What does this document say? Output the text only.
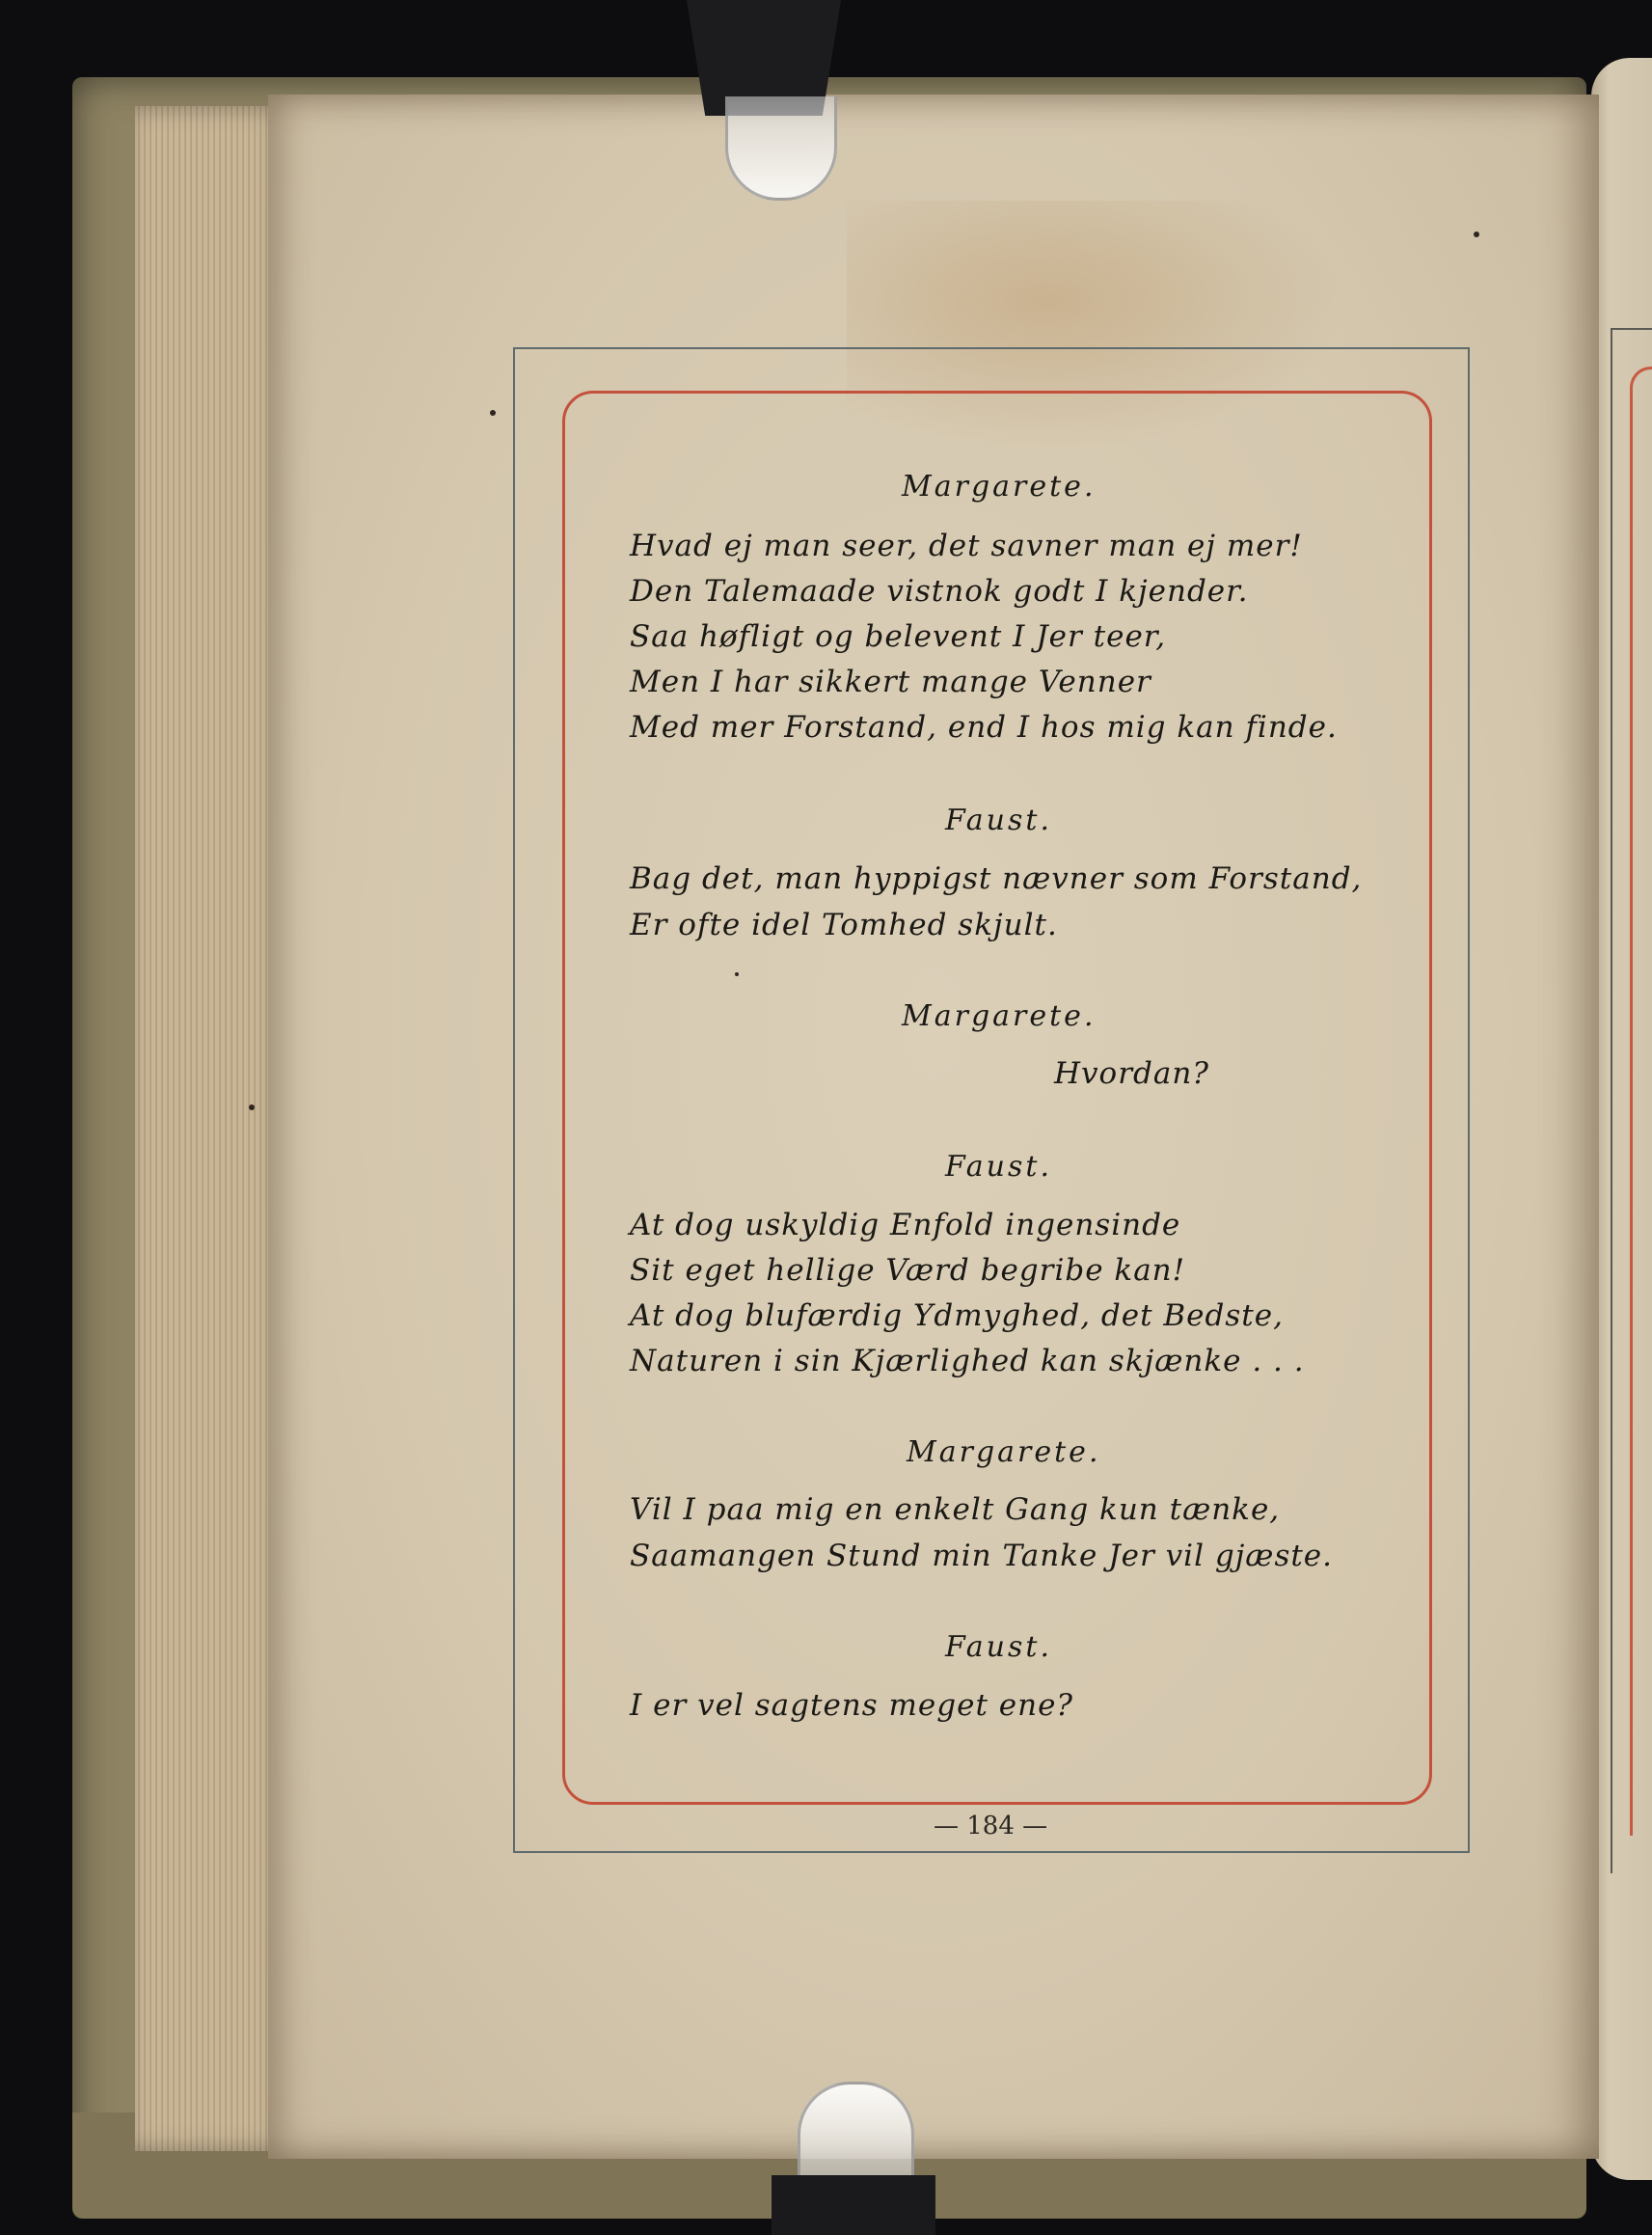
Margarete.
Hvad ej man seer, det savner man ej mer!
Den Talemaade vistnok godt I kjender.
Saa høfligt og belevent I Jer teer,
Men I har sikkert mange Venner
Med mer Forstand, end I hos mig kan finde.
Faust.
Bag det, man hyppigst nævner som Forstand,
Er ofte idel Tomhed skjult.
Margarete.
Hvordan?
Faust.
At dog uskyldig Enfold ingensinde
Sit eget hellige Værd begribe kan!
At dog blufærdig Ydmyghed, det Bedste,
Naturen i sin Kjærlighed kan skjænke . . .
Margarete.
Vil I paa mig en enkelt Gang kun tænke,
Saamangen Stund min Tanke Jer vil gjæste.
Faust.
I er vel sagtens meget ene?
— 184 —
